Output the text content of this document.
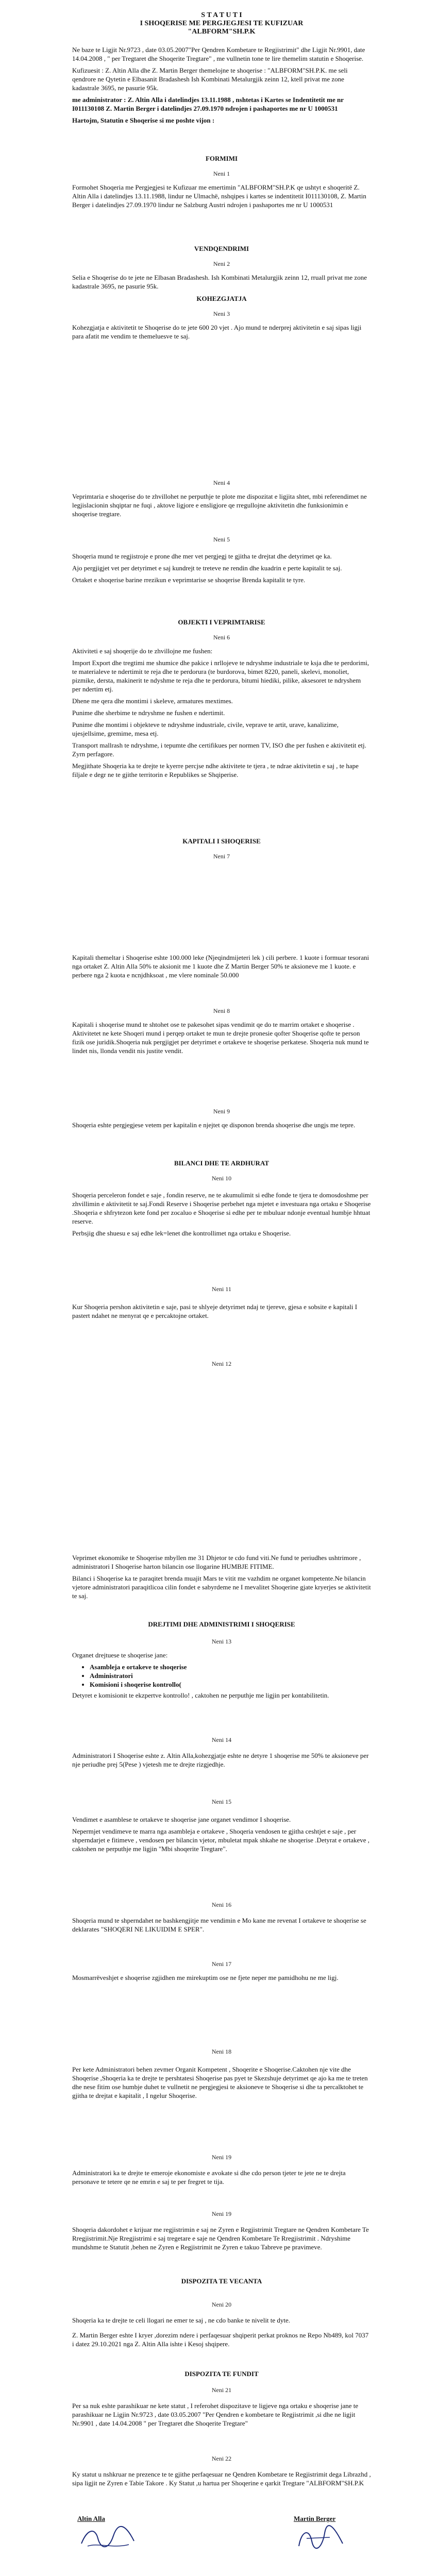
S T A T U T I

I SHOQERISE ME PERGJEGJESI TE KUFIZUAR

"ALBFORM"SH.P.K

Ne baze te Ligjit Nr.9723 , date 03.05.2007"Per Qendren Kombetare te Regjistrimit" dhe Ligjit Nr.9901, date 14.04.2008 , " per Tregtaret dhe Shoqerite Tregtare" , me vullnetin tone te lire themelim statutin e Shoqerise.

Kufizuesit : Z. Altin Alla dhe Z. Martin Berger themelojne te shoqerise : "ALBFORM"SH.P.K. me seli qendrore ne Qytetin e Elbasanit Bradashesh Ish Kombinati Metalurgjik zeinn 12, ktell privat me zone kadastrale 3695, ne pasurie 95k.

me administrator : Z. Altin Alla i datelindjes 13.11.1988 , nshtetas i Kartes se Indentitetit me nr I011130108 Z. Martin Berger i datelindjes 27.09.1970 ndrojen i pashaportes me nr U 1000531

Hartojm, Statutin e Shoqerise si me poshte vijon :

FORMIMI

Neni 1

Formohet Shoqeria me Pergjegjesi te Kufizuar me emertimin "ALBFORM"SH.P.K qe ushtyt e shoqeritë Z. Altin Alla i datelindjes 13.11.1988, lindur ne Ulmachë, nshqipes i kartes se indentitetit I011130108, Z. Martin Berger i datelindjes 27.09.1970 lindur ne Salzburg Austri ndrojen i pashaportes me nr U 1000531

VENDQENDRIMI

Neni 2

Selia e Shoqerise do te jete ne Elbasan Bradashesh. Ish Kombinati Metalurgjik zeinn 12, rruall privat me zone kadastrale 3695, ne pasurie 95k.

KOHEZGJATJA

Neni 3

Kohezgjatja e aktivitetit te Shoqerise do te jete 600 20 vjet . Ajo mund te nderprej aktivitetin e saj sipas ligji para afatit me vendim te themeluesve te saj.

Neni 4

Veprimtaria e shoqerise do te zhvillohet ne perputhje te plote me dispozitat e ligjita shtet, mbi referendimet ne legjislacionin shqiptar ne fuqi , aktove ligjore e ensligjore qe rregullojne aktivitetin dhe funksionimin e shoqerise tregtare.

Neni 5

Shoqeria mund te regjistroje e prone dhe mer vet pergjegj te gjitha te drejtat dhe detyrimet qe ka.

Ajo pergjigjet vet per detyrimet e saj kundrejt te treteve ne rendin dhe kuadrin e perte kapitalit te saj.

Ortaket e shoqerise barine rrezikun e veprimtarise se shoqerise Brenda kapitalit te tyre.

OBJEKTI I VEPRIMTARISE

Neni 6

Aktiviteti e saj shoqerije do te zhvillojne me fushen:

Import Export dhe tregtimi me shumice dhe pakice i nrllojeve te ndryshme industriale te ksja dhe te perdorimi, te materialeve te ndertimit te reja dhe te perdorura (te burdorova, bimet 8220, paneli, skelevi, monoliet, pizmike, dersta, makinerit te ndyshme te reja dhe te perdorura, bitumi hiediki, pilike, aksesoret te ndryshem per ndertim etj.

Dhene me qera dhe montimi i skeleve, armatures mextimes.

Punime dhe sherbime te ndryshme ne fushen e ndertimit.

Punime dhe montimi i objekteve te ndryshme industriale, civile, veprave te artit, urave, kanalizime, ujesjellsime, gremime, mesa etj.

Transport mallrash te ndryshme, i tepumte dhe certifikues per normen TV, ISO dhe per fushen e aktivitetit etj. Zyrn perfagore.

Megjithate Shoqeria ka te drejte te kyerre percjse ndhe aktivitete te tjera , te ndrae aktivitetin e saj , te hape filjale e degr ne te gjithe territorin e Republikes se Shqiperise.

KAPITALI I SHOQERISE

Neni 7

Kapitali themeltar i Shoqerise eshte 100.000 leke (Njeqindmijeteri lek ) cili perbere. 1 kuote i formuar tesorani nga ortaket Z. Altin Alla 50% te aksionit me 1 kuote dhe Z Martin Berger 50% te aksioneve me 1 kuote. e perbere nga 2 kuota e ncnjdhksoat , me vlere nominale 50.000

Neni 8

Kapitali i shoqerise mund te shtohet ose te pakesohet sipas vendimit qe do te marrim ortaket e shoqerise . Aktivitetet ne kete Shoqeri mund i perqep ortaket te mun te drejte pronesie qofter Shoqerise qofte te person fizik ose juridik.Shoqeria nuk pergjigjet per detyrimet e ortakeve te shoqerise perkatese. Shoqeria nuk mund te lindet nis, llonda vendit nis justite vendit.

Neni 9

Shoqeria eshte pergjegjese vetem per kapitalin e njejtet qe disponon brenda shoqerise dhe ungjs me tepre.

BILANCI DHE TE ARDHURAT

Neni 10

Shoqeria perceleron fondet e saje , fondin reserve, ne te akumulimit si edhe fonde te tjera te domosdoshme per zhvillimin e aktivitetit te saj.Fondi Reserve i Shoqerise perbehet nga mjetet e investuara nga ortaku e Shoqerise .Shoqeria e shfrytezon kete fond per zocaluo e Shoqerise si edhe per te mbuluar ndonje eventual humbje hhtuat reserve.

Perbsjig dhe shuesu e saj edhe lek=lenet dhe kontrollimet nga ortaku e Shoqerise.

Neni 11

Kur Shoqeria pershon aktivitetin e saje, pasi te shlyeje detyrimet ndaj te tjereve, gjesa e sobsite e kapitali I pastert ndahet ne menyrat qe e percaktojne ortaket.

Neni 12

Veprimet ekonomike te Shoqerise mbyllen me 31 Dhjetor te cdo fund viti.Ne fund te periudhes ushtrimore , administratori I Shoqerise harton bilancin ose llogarine HUMBJE FITIME.

Bilanci i Shoqerise ka te paraqitet brenda muajit Mars te vitit me vazhdim ne organet kompetente.Ne bilancin vjetore administratori paraqitlicoa cilin fondet e sabyrdeme ne I mevalitet Shoqerine gjate kryerjes se aktivitetit te saj.

DREJTIMI DHE ADMINISTRIMI I SHOQERISE

Neni 13

Organet drejtuese te shoqerise jane:

• Asambleja e ortakeve te shoqerise
• Administratori
• Komisioni i shoqerise kontrollo(

Detyret e komisionit te ekzpertve kontrollo! , caktohen ne perputhje me ligjin per kontabilitetin.

Neni 14

Administratori I Shoqerise eshte z. Altin Alla,kohezgjatje eshte ne detyre 1 shoqerise me 50% te aksioneve per nje periudhe prej 5(Pese ) vjetesh me te drejte rizgjedhje.

Neni 15

Vendimet e asamblese te ortakeve te shoqerise jane organet vendimor I shoqerise.

Nepermjet vendimeve te marra nga asambleja e ortakeve , Shoqeria vendosen te gjitha ceshtjet e saje , per shperndarjet e fitimeve , vendosen per bilancin vjetor, mbuletat mpak shkahe ne shoqerise .Detyrat e ortakeve , caktohen ne perputhje me ligjin "Mbi shoqerite Tregtare".

Neni 16

Shoqeria mund te shperndahet ne bashkengjitje me vendimin e Mo kane me revenat I ortakeve te shoqerise se deklarates "SHOQERI NE LIKUIDIM E SPER".

Neni 17

Mosmarrëveshjet e shoqerise zgjidhen me mirekuptim ose ne fjete neper me pamidhohu ne me ligj.

Neni 18

Per kete Administratori behen zevmer Organit Kompetent , Shoqerite e Shoqerise.Caktohen nje vite dhe Shoqerise ,Shoqeria ka te drejte te pershtatesi Shoqerise pas pyet te Skezshuje detyrimet qe ajo ka me te treten dhe nese fitim ose humbje duhet te vullnetit ne pergjegjesi te aksioneve te Shoqerise si dhe ta percalktohet te gjitha te drejtat e kapitalit , I ngelur Shoqerise.

Neni 19

Administratori ka te drejte te emeroje ekonomiste e avokate si dhe cdo person tjeter te jete ne te drejta personave te tetere qe ne emrin e saj te per fregret te tija.

Neni 19

Shoqeria dakordohet e krijuar me regjistrimin e saj ne Zyren e Regjistrimit Tregtare ne Qendren Kombetare Te Rregjistrimit.Nje Rregjistrimi e saj tregetare e saje ne Qendren Kombetare Te Rregjistrimit . Ndryshime mundshme te Statutit ,behen ne Zyren e Regjistrimit ne Zyren e takuo Tabreve pe pravimeve.

DISPOZITA TE VECANTA

Neni 20

Shoqeria ka te drejte te celi llogari ne emer te saj , ne cdo banke te nivelit te dyte.

Z. Martin Berger eshte I kryer ,dorezim ndere i perfaqesuar shqiperit perkat proknos ne Repo Nb489, kol 7037 i datez 29.10.2021 nga Z. Altin Alla ishte i Kesoj shqipere.

DISPOZITA TE FUNDIT

Neni 21

Per sa nuk eshte parashikuar ne kete statut , I referohet dispozitave te ligjeve nga ortaku e shoqerise jane te parashikuar ne Ligjin Nr.9723 , date 03.05.2007 "Per Qendren e kombetare te Regjistrimit ,si dhe ne ligjit Nr.9901 , date 14.04.2008 " per Tregtaret dhe Shoqerite Tregtare"

Neni 22

Ky statut u nshkruar ne prezence te te gjithe perfaqesuar ne Qendren Kombetare te Regjistrimit dega Librazhd , sipa ligjit ne Zyren e Tabie Takore . Ky Statut ,u hartua per Shoqerine e qarkit Tregtare "ALBFORM"SH.P.K

Altin Alla	Martin Berger
